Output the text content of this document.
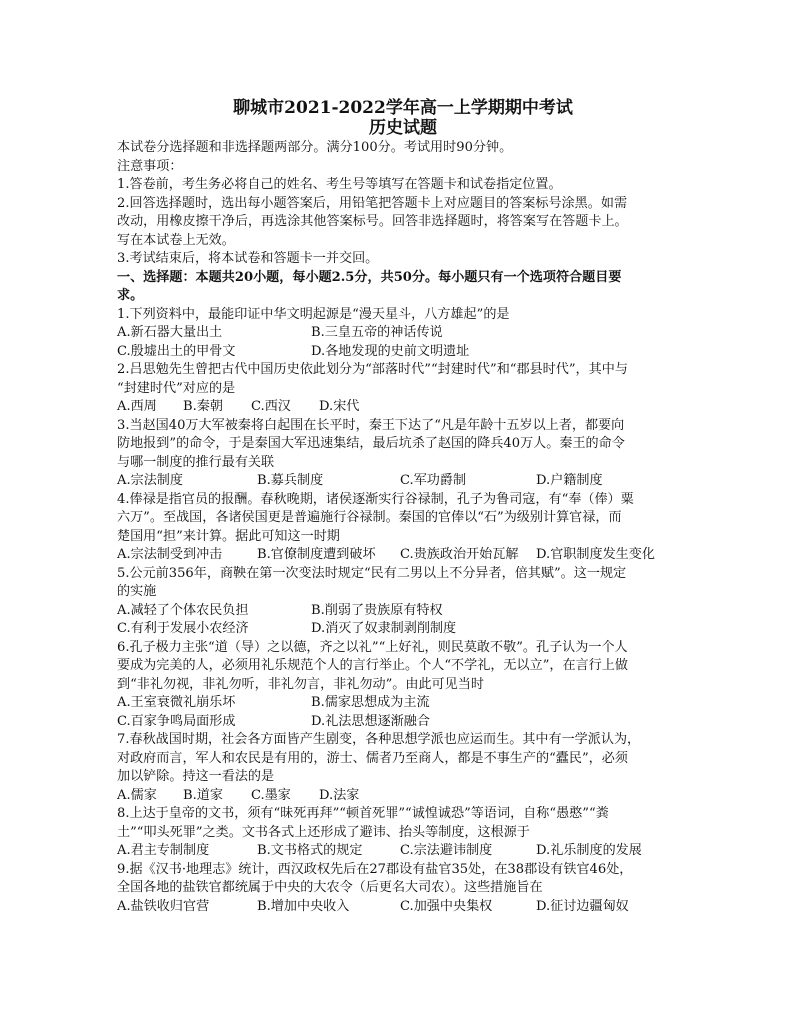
聊城市2021-2022学年高一上学期期中考试

历史试题

本试卷分选择题和非选择题两部分。满分100分。考试用时90分钟。

注意事项：

1.答卷前，考生务必将自己的姓名、考生号等填写在答题卡和试卷指定位置。

2.回答选择题时，选出每小题答案后，用铅笔把答题卡上对应题目的答案标号涂黑。如需

改动，用橡皮擦干净后，再选涂其他答案标号。回答非选择题时，将答案写在答题卡上。

写在本试卷上无效。

3.考试结束后，将本试卷和答题卡一并交回。

一、选择题：本题共20小题，每小题2.5分，共50分。每小题只有一个选项符合题目要

求。

1.下列资料中，最能印证中华文明起源是“漫天星斗，八方雄起”的是

A.新石器大量出土	B.三皇五帝的神话传说

C.殷墟出土的甲骨文	D.各地发现的史前文明遗址

2.吕思勉先生曾把古代中国历史依此划分为“部落时代”“封建时代”和“郡县时代”，其中与

“封建时代”对应的是

A.西周 B.秦朝 C.西汉 D.宋代

3.当赵国40万大军被秦将白起围在长平时，秦王下达了“凡是年龄十五岁以上者，都要向

防地报到”的命令，于是秦国大军迅速集结，最后坑杀了赵国的降兵40万人。秦王的命令

与哪一制度的推行最有关联

A.宗法制度	B.募兵制度	C.军功爵制	D.户籍制度

4.俸禄是指官员的报酬。春秋晚期，诸侯逐渐实行谷禄制，孔子为鲁司寇，有“奉（俸）粟

六万”。至战国，各诸侯国更是普遍施行谷禄制。秦国的官俸以“石”为级别计算官禄，而

楚国用“担”来计算。据此可知这一时期

A.宗法制受到冲击	B.官僚制度遭到破坏 C.贵族政治开始瓦解 D.官职制度发生变化

5.公元前356年，商鞅在第一次变法时规定“民有二男以上不分异者，倍其赋”。这一规定

的实施

A.减轻了个体农民负担	B.削弱了贵族原有特权

C.有利于发展小农经济	D.消灭了奴隶制剥削制度

6.孔子极力主张“道（导）之以德，齐之以礼”“上好礼，则民莫敢不敬”。孔子认为一个人

要成为完美的人，必须用礼乐规范个人的言行举止。个人“不学礼，无以立”，在言行上做

到“非礼勿视，非礼勿听，非礼勿言，非礼勿动”。由此可见当时

A.王室衰微礼崩乐坏	B.儒家思想成为主流

C.百家争鸣局面形成	D.礼法思想逐渐融合

7.春秋战国时期，社会各方面皆产生剧变，各种思想学派也应运而生。其中有一学派认为，

对政府而言，军人和农民是有用的，游士、儒者乃至商人，都是不事生产的“蠹民”，必须

加以铲除。持这一看法的是

A.儒家 B.道家 C.墨家 D.法家

8.上达于皇帝的文书，须有“昧死再拜”“顿首死罪”“诚惶诚恐”等语词，自称“愚憨”“粪

土”“叩头死罪”之类。文书各式上还形成了避讳、抬头等制度，这根源于

A.君主专制制度	B.文书格式的规定	C.宗法避讳制度	D.礼乐制度的发展

9.据《汉书·地理志》统计，西汉政权先后在27郡设有盐官35处，在38郡设有铁官46处，

全国各地的盐铁官都统属于中央的大农令（后更名大司农）。这些措施旨在

A.盐铁收归官营	B.增加中央收入	C.加强中央集权	D.征讨边疆匈奴
